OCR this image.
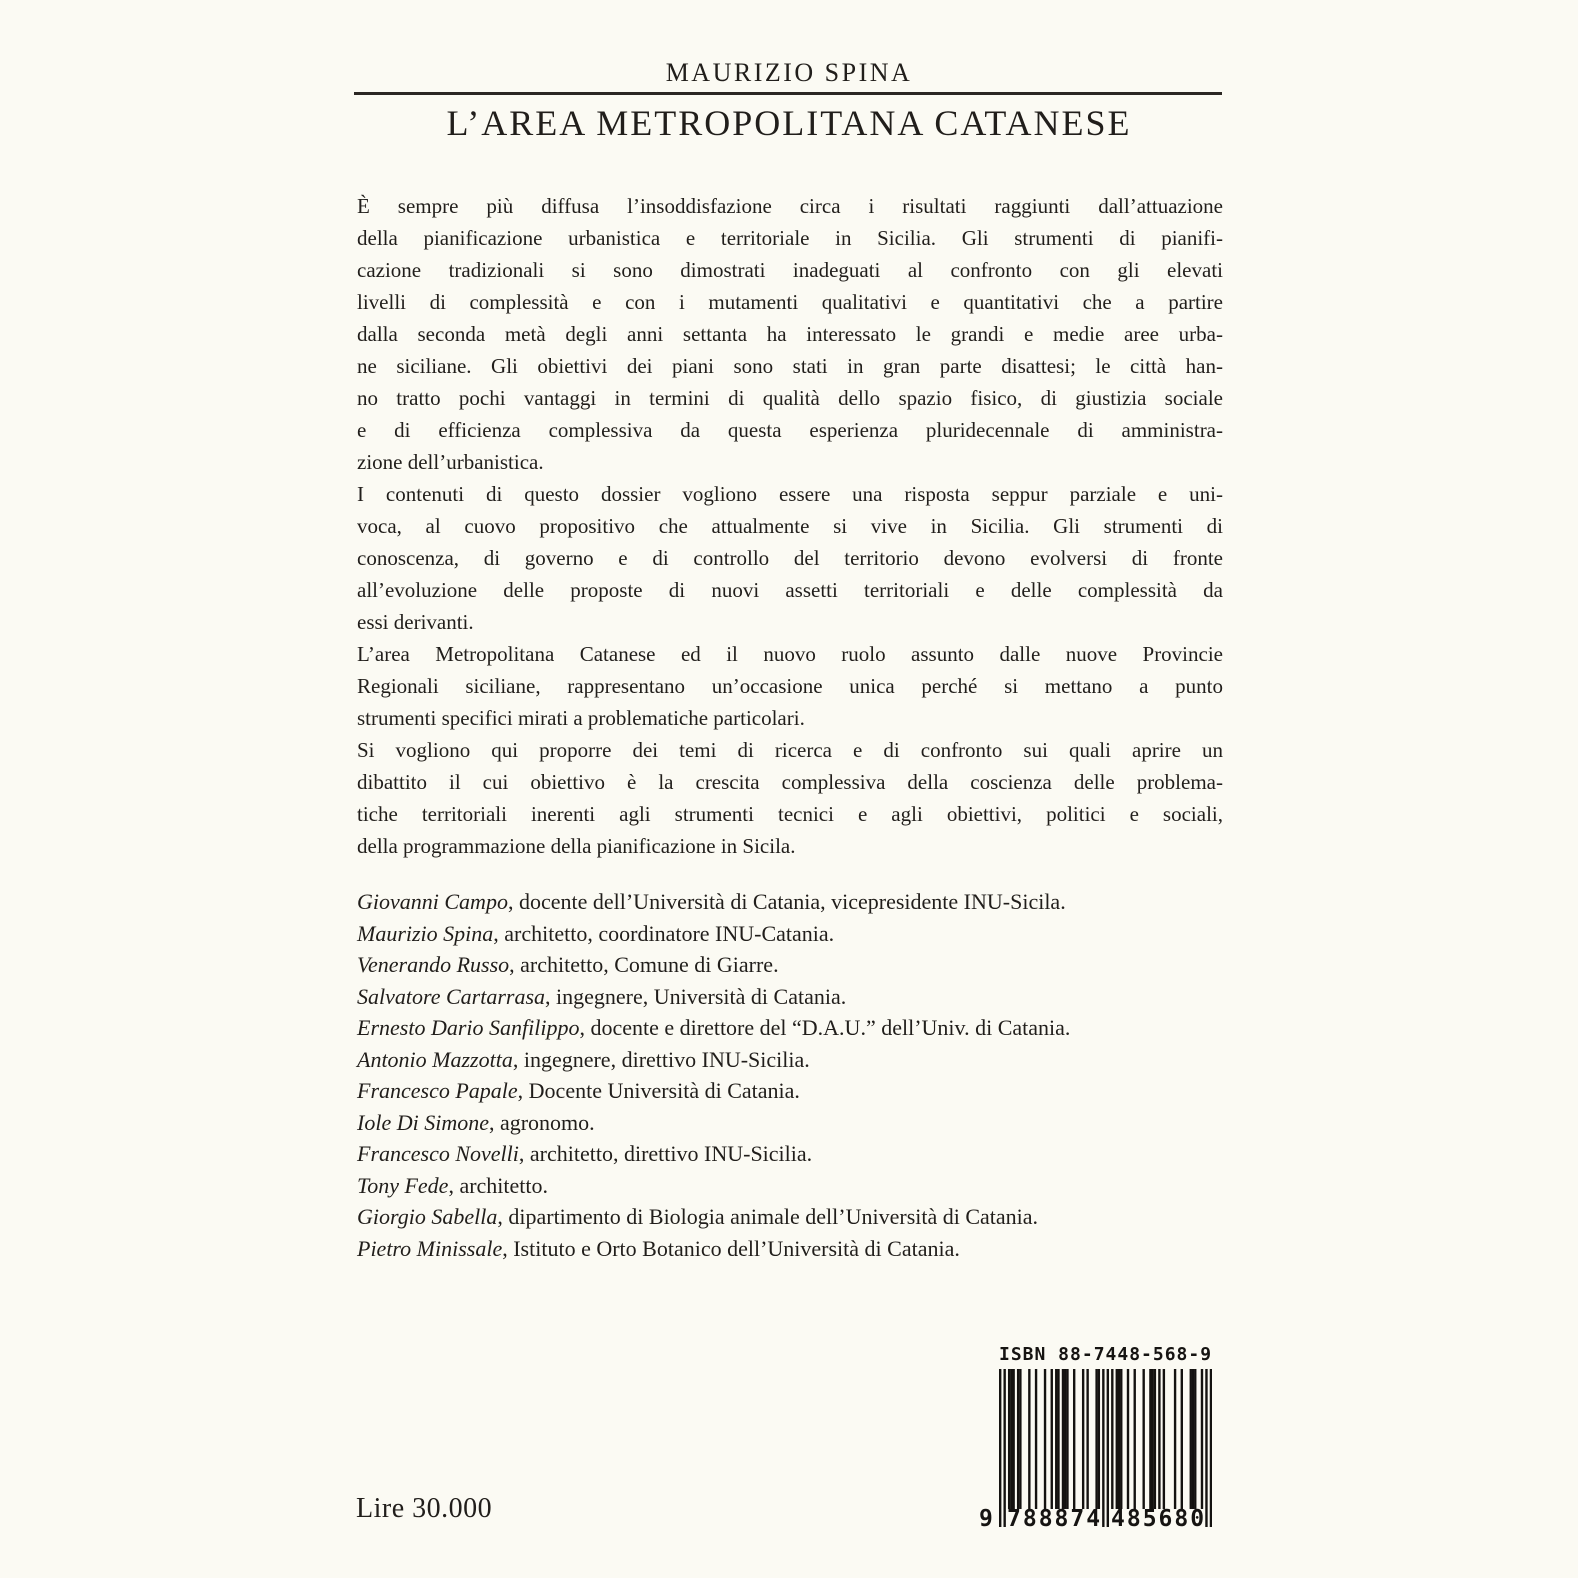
MAURIZIO SPINA
L’AREA METROPOLITANA CATANESE
È sempre più diffusa l’insoddisfazione circa i risultati raggiunti dall’attuazione
della pianificazione urbanistica e territoriale in Sicilia. Gli strumenti di pianifi-
cazione tradizionali si sono dimostrati inadeguati al confronto con gli elevati
livelli di complessità e con i mutamenti qualitativi e quantitativi che a partire
dalla seconda metà degli anni settanta ha interessato le grandi e medie aree urba-
ne siciliane. Gli obiettivi dei piani sono stati in gran parte disattesi; le città han-
no tratto pochi vantaggi in termini di qualità dello spazio fisico, di giustizia sociale
e di efficienza complessiva da questa esperienza pluridecennale di amministra-
zione dell’urbanistica.
I contenuti di questo dossier vogliono essere una risposta seppur parziale e uni-
voca, al cuovo propositivo che attualmente si vive in Sicilia. Gli strumenti di
conoscenza, di governo e di controllo del territorio devono evolversi di fronte
all’evoluzione delle proposte di nuovi assetti territoriali e delle complessità da
essi derivanti.
L’area Metropolitana Catanese ed il nuovo ruolo assunto dalle nuove Provincie
Regionali siciliane, rappresentano un’occasione unica perché si mettano a punto
strumenti specifici mirati a problematiche particolari.
Si vogliono qui proporre dei temi di ricerca e di confronto sui quali aprire un
dibattito il cui obiettivo è la crescita complessiva della coscienza delle problema-
tiche territoriali inerenti agli strumenti tecnici e agli obiettivi, politici e sociali,
della programmazione della pianificazione in Sicila.
Giovanni Campo, docente dell’Università di Catania, vicepresidente INU-Sicila.
Maurizio Spina, architetto, coordinatore INU-Catania.
Venerando Russo, architetto, Comune di Giarre.
Salvatore Cartarrasa, ingegnere, Università di Catania.
Ernesto Dario Sanfilippo, docente e direttore del “D.A.U.” dell’Univ. di Catania.
Antonio Mazzotta, ingegnere, direttivo INU-Sicilia.
Francesco Papale, Docente Università di Catania.
Iole Di Simone, agronomo.
Francesco Novelli, architetto, direttivo INU-Sicilia.
Tony Fede, architetto.
Giorgio Sabella, dipartimento di Biologia animale dell’Università di Catania.
Pietro Minissale, Istituto e Orto Botanico dell’Università di Catania.
Lire 30.000
ISBN 88-7448-568-9
9 788874 485680
